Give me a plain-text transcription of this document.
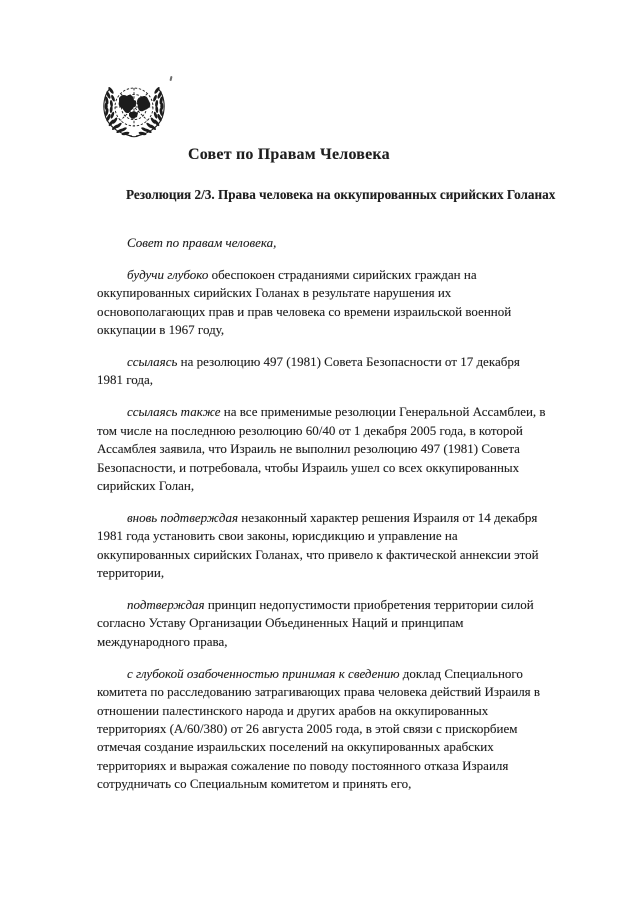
Совет по Правам Человека
Резолюция 2/3. Права человека на оккупированных сирийских Голанах

Совет по правам человека,

будучи глубоко обеспокоен страданиями сирийских граждан на оккупированных сирийских Голанах в результате нарушения их основополагающих прав и прав человека со времени израильской военной оккупации в 1967 году,

ссылаясь на резолюцию 497 (1981) Совета Безопасности от 17 декабря 1981 года,

ссылаясь также на все применимые резолюции Генеральной Ассамблеи, в том числе на последнюю резолюцию 60/40 от 1 декабря 2005 года, в которой Ассамблея заявила, что Израиль не выполнил резолюцию 497 (1981) Совета Безопасности, и потребовала, чтобы Израиль ушел со всех оккупированных сирийских Голан,

вновь подтверждая незаконный характер решения Израиля от 14 декабря 1981 года установить свои законы, юрисдикцию и управление на оккупированных сирийских Голанах, что привело к фактической аннексии этой территории,

подтверждая принцип недопустимости приобретения территории силой согласно Уставу Организации Объединенных Наций и принципам международного права,

с глубокой озабоченностью принимая к сведению доклад Специального комитета по расследованию затрагивающих права человека действий Израиля в отношении палестинского народа и других арабов на оккупированных территориях (A/60/380) от 26 августа 2005 года, в этой связи с прискорбием отмечая создание израильских поселений на оккупированных арабских территориях и выражая сожаление по поводу постоянного отказа Израиля сотрудничать со Специальным комитетом и принять его,
